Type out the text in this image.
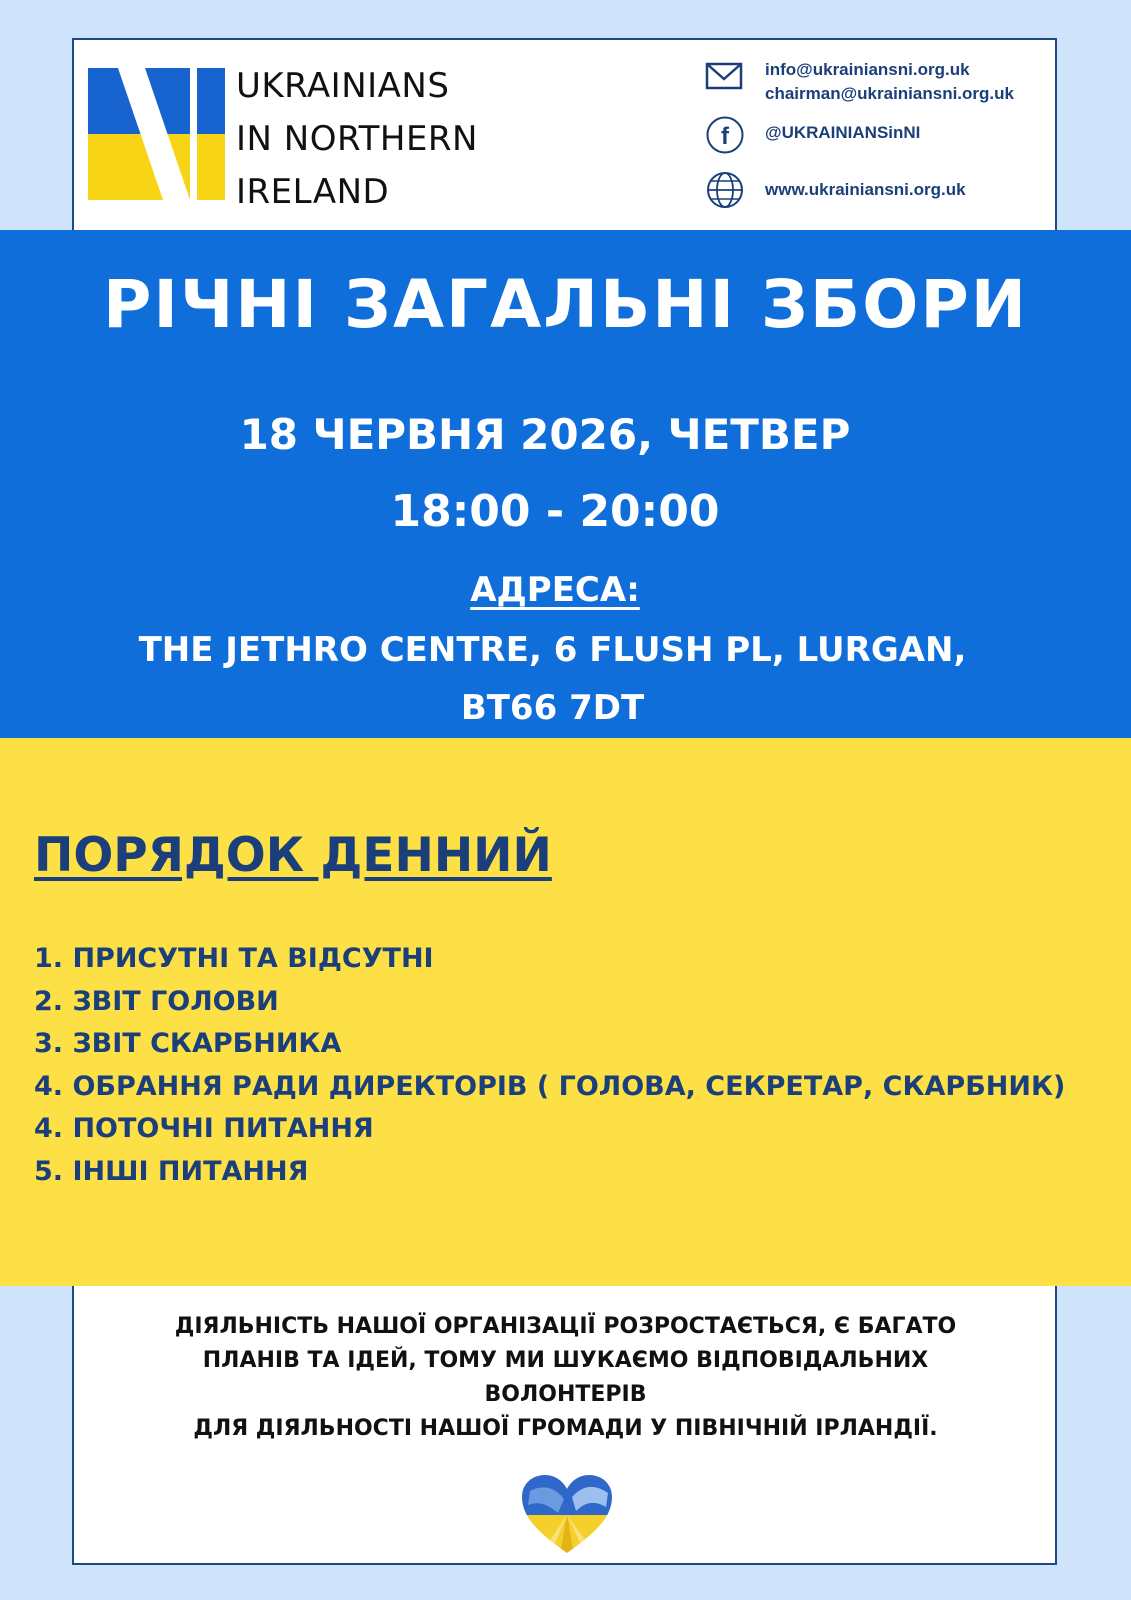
UKRAINIANS
IN NORTHERN
IRELAND
info@ukrainiansni.org.uk
chairman@ukrainiansni.org.uk
f @UKRAINIANSinNI
www.ukrainiansni.org.uk
РІЧНІ ЗАГАЛЬНІ ЗБОРИ
18 ЧЕРВНЯ 2026, ЧЕТВЕР
18:00 - 20:00
АДРЕСА:
THE JETHRO CENTRE, 6 FLUSH PL, LURGAN,
BT66 7DT
ПОРЯДОК ДЕННИЙ
1. ПРИСУТНІ ТА ВІДСУТНІ
2. ЗВІТ ГОЛОВИ
3. ЗВІТ СКАРБНИКА
4. ОБРАННЯ РАДИ ДИРЕКТОРІВ ( ГОЛОВА, СЕКРЕТАР, СКАРБНИК)
4. ПОТОЧНІ ПИТАННЯ
5. ІНШІ ПИТАННЯ
ДІЯЛЬНІСТЬ НАШОЇ ОРГАНІЗАЦІЇ РОЗРОСТАЄТЬСЯ, Є БАГАТО
ПЛАНІВ ТА ІДЕЙ, ТОМУ МИ ШУКАЄМО ВІДПОВІДАЛЬНИХ
ВОЛОНТЕРІВ
ДЛЯ ДІЯЛЬНОСТІ НАШОЇ ГРОМАДИ У ПІВНІЧНІЙ ІРЛАНДІЇ.
